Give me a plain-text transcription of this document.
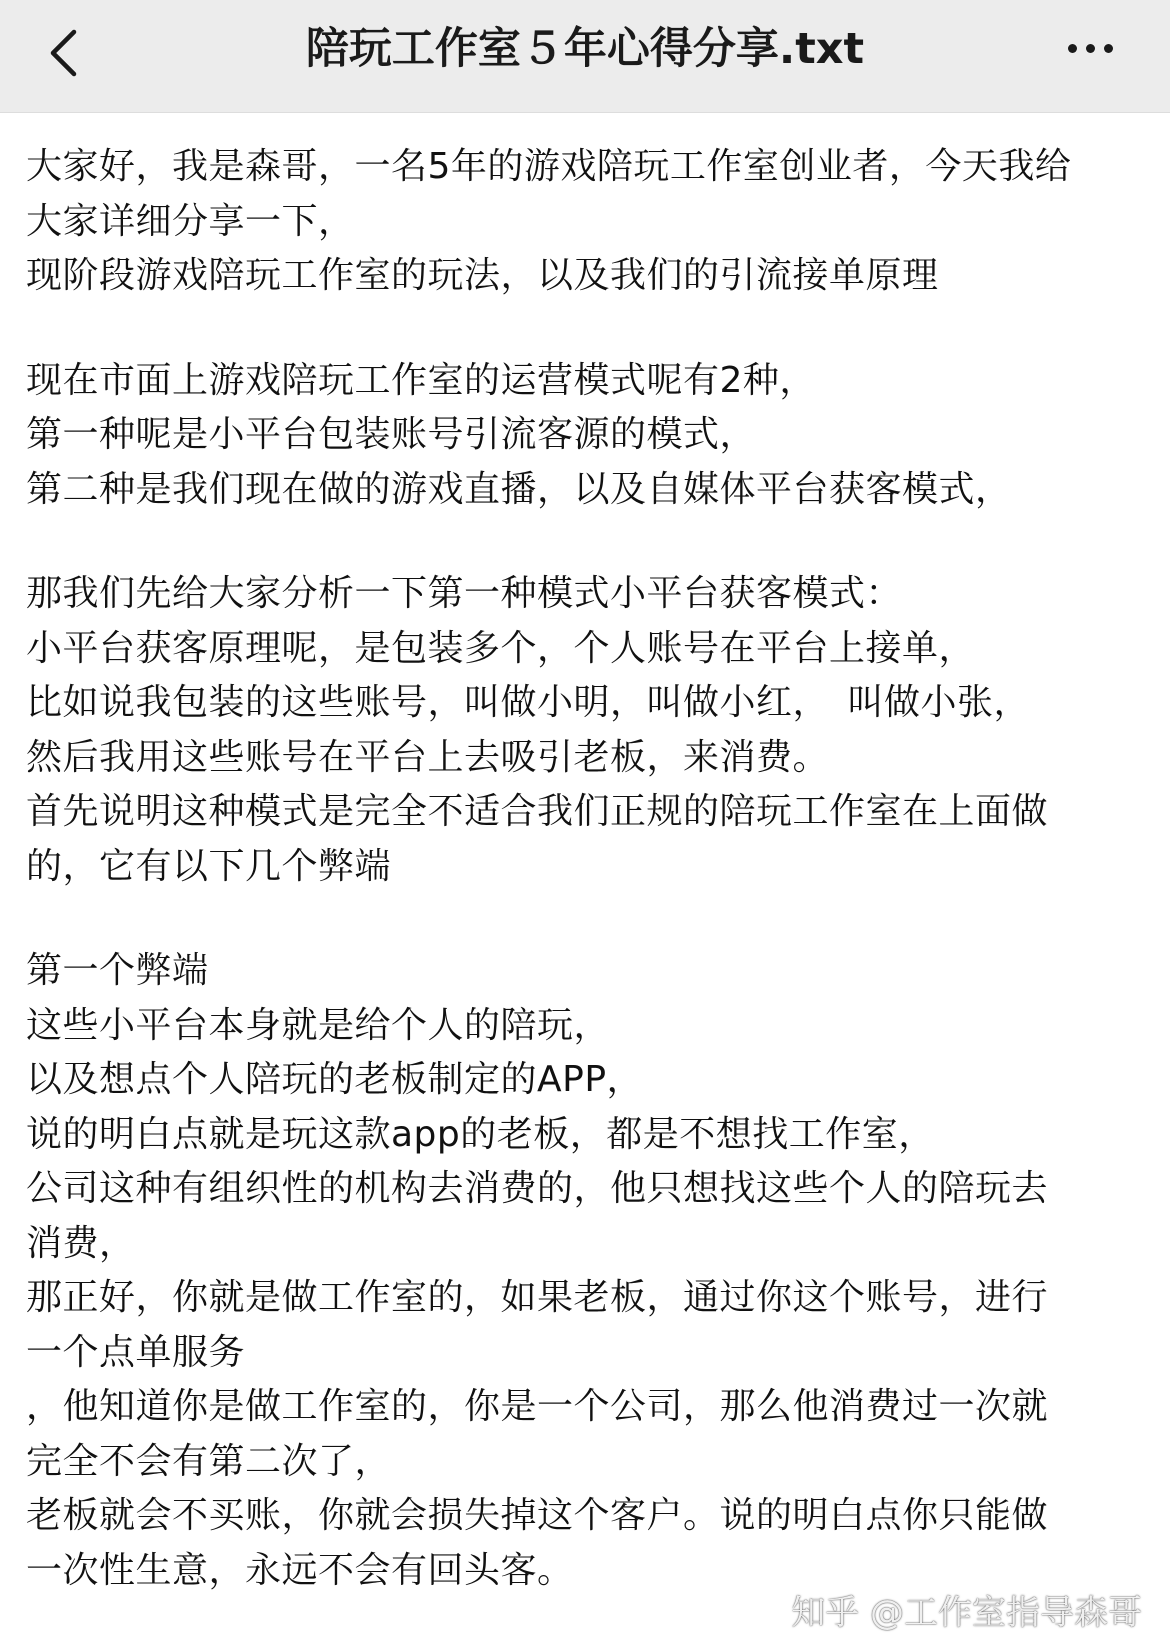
陪玩工作室５年心得分享.txt
大家好，我是森哥，一名5年的游戏陪玩工作室创业者，今天我给
大家详细分享一下，
现阶段游戏陪玩工作室的玩法，以及我们的引流接单原理
现在市面上游戏陪玩工作室的运营模式呢有2种，
第一种呢是小平台包装账号引流客源的模式，
第二种是我们现在做的游戏直播，以及自媒体平台获客模式，
那我们先给大家分析一下第一种模式小平台获客模式：
小平台获客原理呢，是包装多个，个人账号在平台上接单，
比如说我包装的这些账号，叫做小明，叫做小红，　叫做小张，
然后我用这些账号在平台上去吸引老板，来消费。
首先说明这种模式是完全不适合我们正规的陪玩工作室在上面做
的，它有以下几个弊端
第一个弊端
这些小平台本身就是给个人的陪玩，
以及想点个人陪玩的老板制定的APP，
说的明白点就是玩这款app的老板，都是不想找工作室，
公司这种有组织性的机构去消费的，他只想找这些个人的陪玩去
消费，
那正好，你就是做工作室的，如果老板，通过你这个账号，进行
一个点单服务
，他知道你是做工作室的，你是一个公司，那么他消费过一次就
完全不会有第二次了，
老板就会不买账，你就会损失掉这个客户。说的明白点你只能做
一次性生意，永远不会有回头客。
知乎 @工作室指导森哥
